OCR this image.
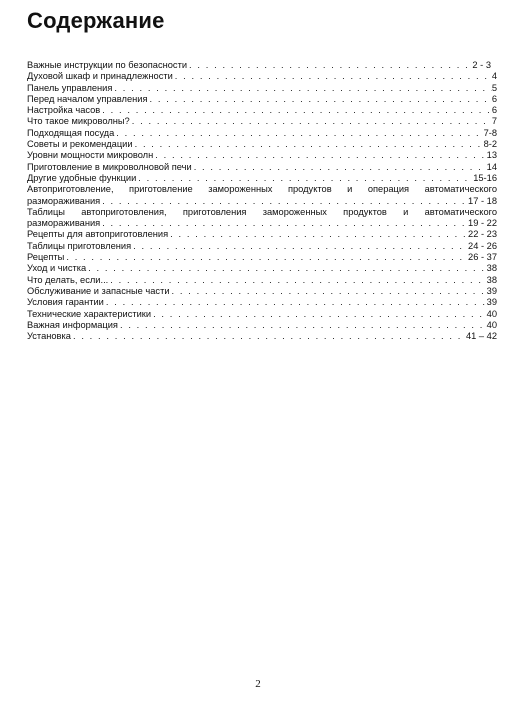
Содержание
Важные инструкции по безопасности . . .	2 - 3
Духовой шкаф и принадлежности . . .	4
Панель управления . . .	5
Перед началом управления . . .	6
Настройка часов . . .	6
Что такое микроволны? . . .	7
Подходящая посуда . . .	7-8
Советы и рекомендации . . .	8-2
Уровни мощности микроволн . . .	13
Приготовление в микроволновой печи . . .	14
Другие удобные функции . . .	15-16
Автоприготовление, приготовление замороженных продуктов и операция автоматического
размораживания . . .	17 - 18
Таблицы автоприготовления, приготовления замороженных продуктов и автоматического
размораживания . . .	19 - 22
Рецепты для автоприготовления . . .	22 - 23
Таблицы приготовления . . .	24 - 26
Рецепты . . .	26 - 37
Уход и чистка . . .	38
Что делать, если... . . .	38
Обслуживание и запасные части . . .	39
Условия гарантии . . .	39
Технические характеристики . . .	40
Важная информация . . .	40
Установка . . .	41 – 42
2
